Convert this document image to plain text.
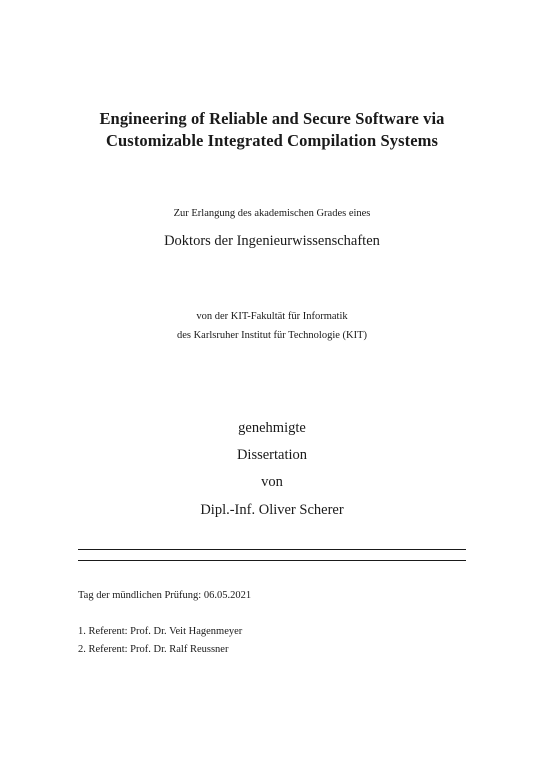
Engineering of Reliable and Secure Software via
Customizable Integrated Compilation Systems
Zur Erlangung des akademischen Grades eines
Doktors der Ingenieurwissenschaften
von der KIT-Fakultät für Informatik
des Karlsruher Institut für Technologie (KIT)
genehmigte
Dissertation
von
Dipl.-Inf. Oliver Scherer
Tag der mündlichen Prüfung: 06.05.2021
1. Referent: Prof. Dr. Veit Hagenmeyer
2. Referent: Prof. Dr. Ralf Reussner
